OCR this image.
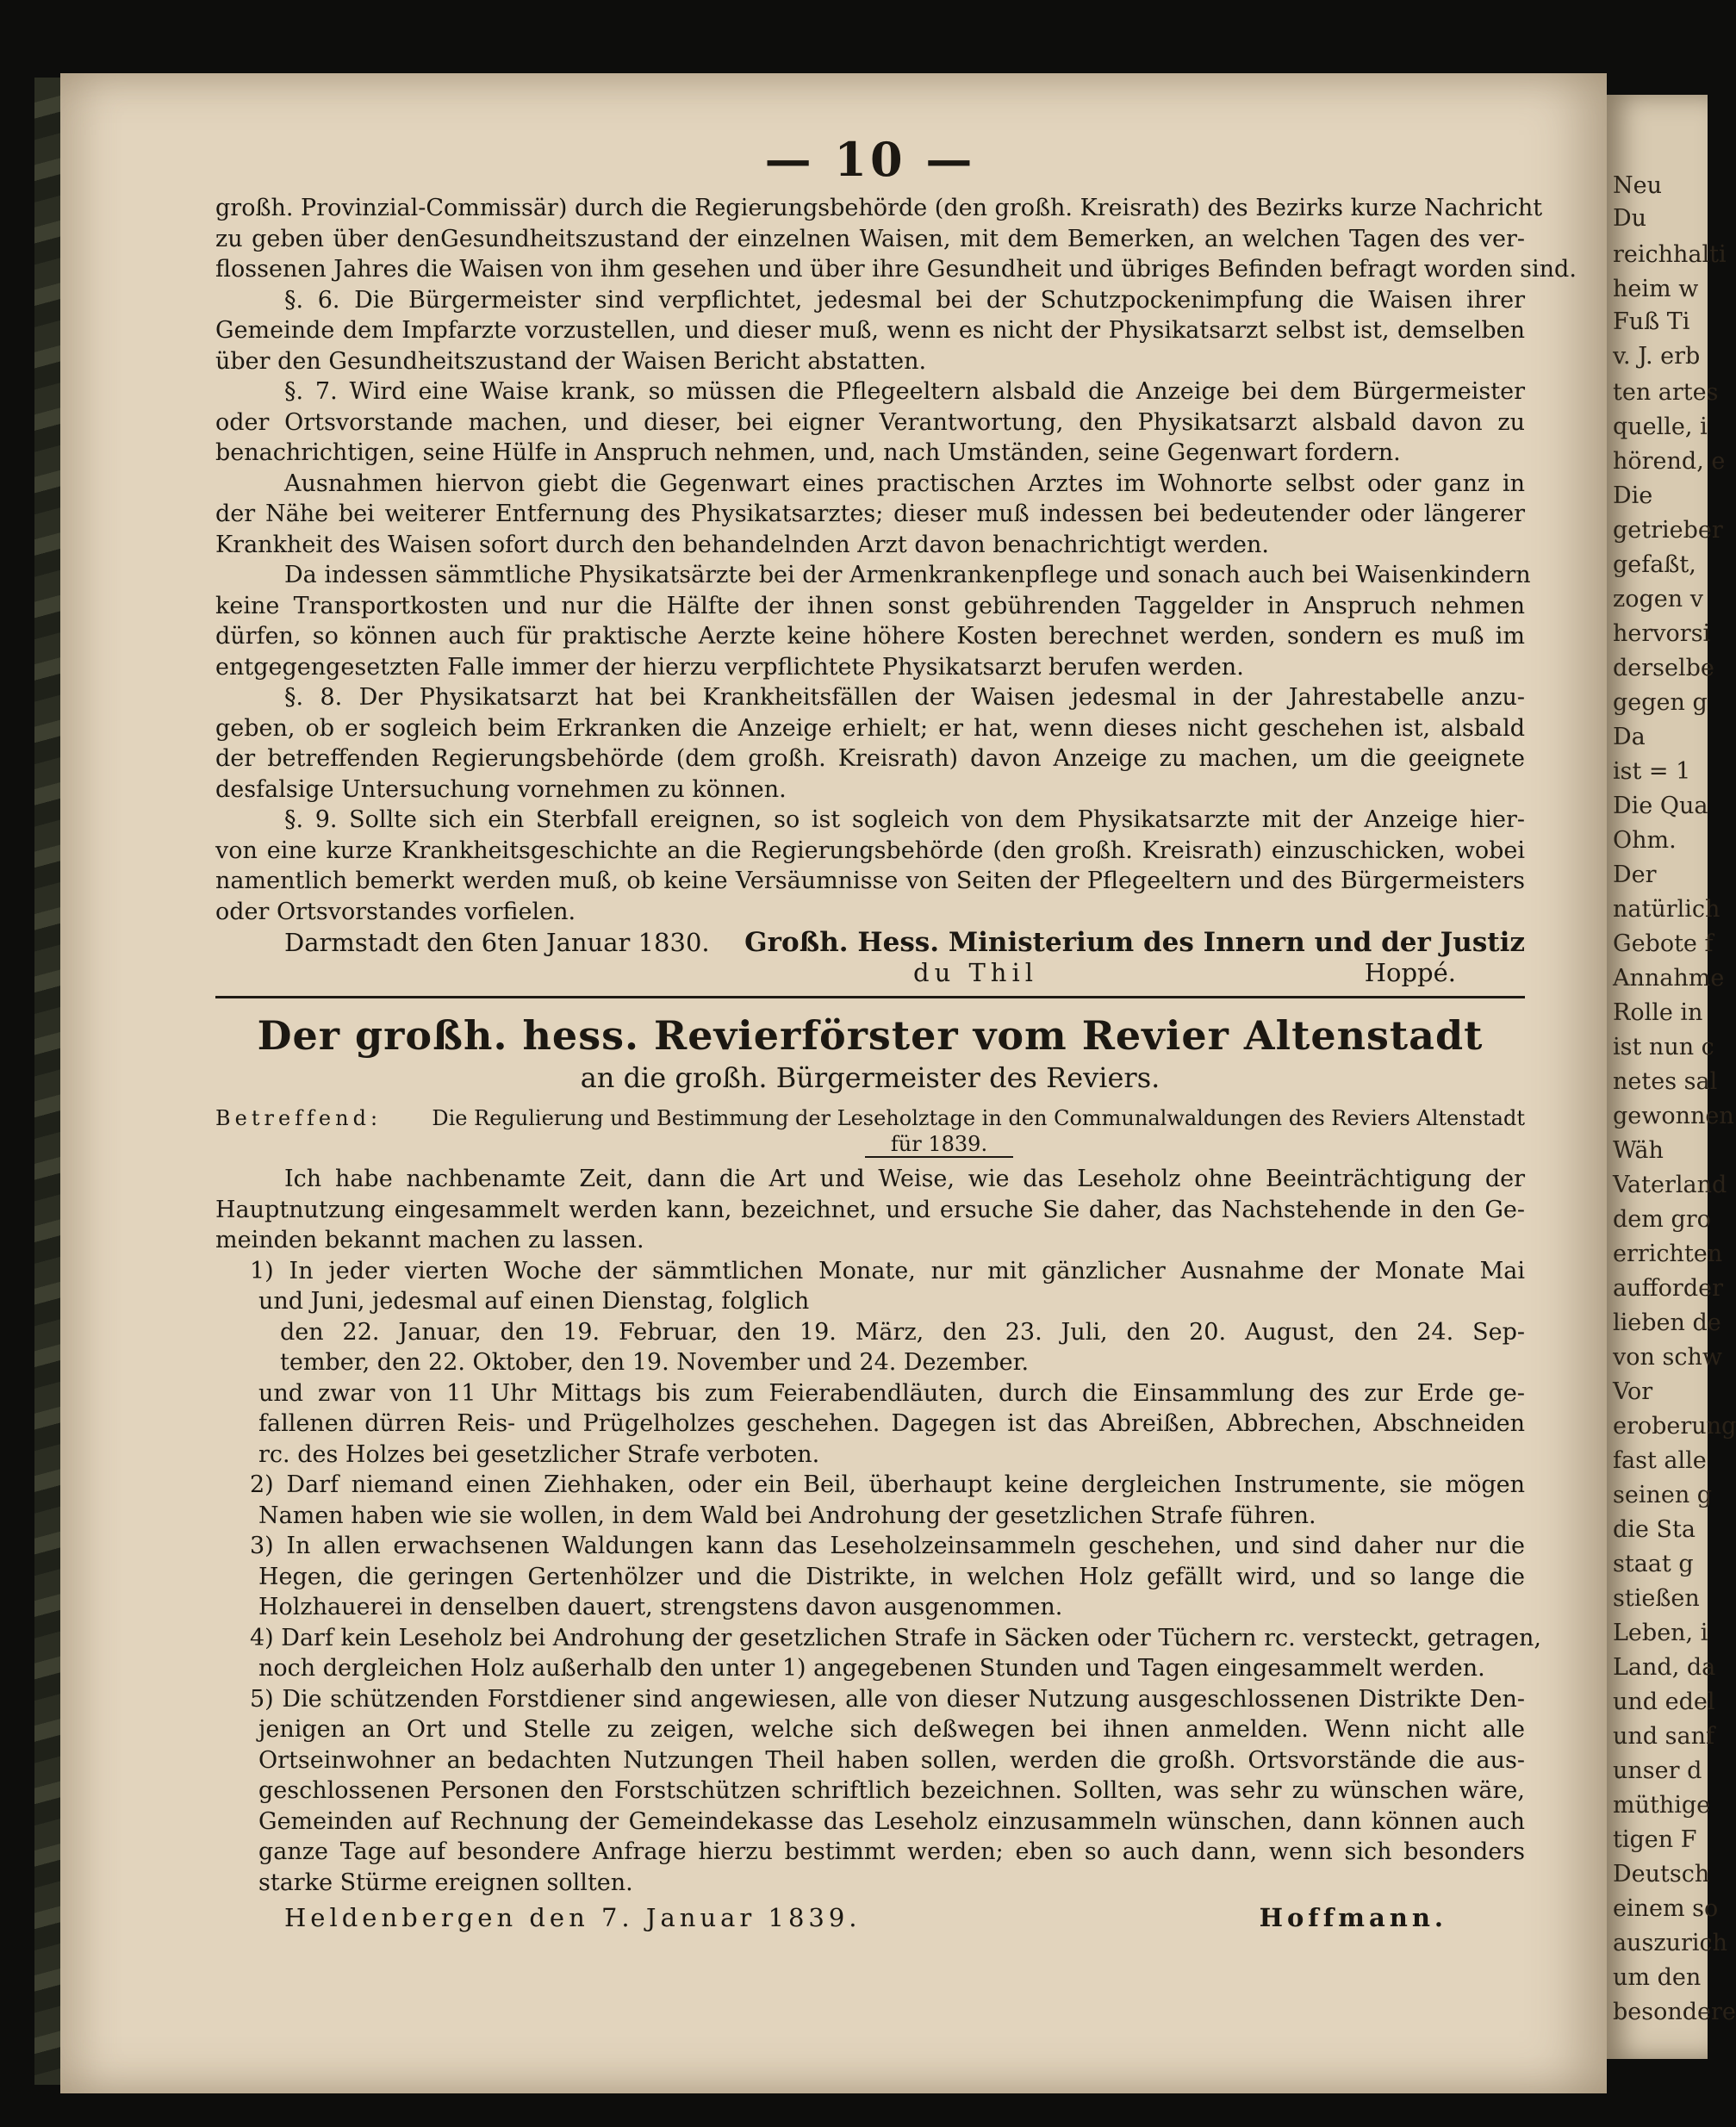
Neu
Du
reichhalti
heim w
Fuß Ti
v. J. erb
ten artes
quelle, i
hörend, e
Die
getrieber
gefaßt,
zogen v
hervorsi
derselbe
gegen g
Da
ist = 1
Die Qua
Ohm.
Der
natürlich
Gebote f
Annahme
Rolle in
ist nun c
netes sal
gewonnen
Wäh
Vaterland
dem gro
errichten
aufforder
lieben de
von schw
Vor
eroberung
fast alle
seinen g
die Sta
staat g
stießen
Leben, i
Land, da
und edel
und sanf
unser d
müthige
tigen F
Deutsch
einem so
auszurich
um den
besondere
— 10 —
großh. Provinzial-Commissär) durch die Regierungsbehörde (den großh. Kreisrath) des Bezirks kurze Nachricht
zu geben über denGesundheitszustand der einzelnen Waisen, mit dem Bemerken, an welchen Tagen des ver-
flossenen Jahres die Waisen von ihm gesehen und über ihre Gesundheit und übriges Befinden befragt worden sind.
§. 6. Die Bürgermeister sind verpflichtet, jedesmal bei der Schutzpockenimpfung die Waisen ihrer
Gemeinde dem Impfarzte vorzustellen, und dieser muß, wenn es nicht der Physikatsarzt selbst ist, demselben
über den Gesundheitszustand der Waisen Bericht abstatten.
§. 7. Wird eine Waise krank, so müssen die Pflegeeltern alsbald die Anzeige bei dem Bürgermeister
oder Ortsvorstande machen, und dieser, bei eigner Verantwortung, den Physikatsarzt alsbald davon zu
benachrichtigen, seine Hülfe in Anspruch nehmen, und, nach Umständen, seine Gegenwart fordern.
Ausnahmen hiervon giebt die Gegenwart eines practischen Arztes im Wohnorte selbst oder ganz in
der Nähe bei weiterer Entfernung des Physikatsarztes; dieser muß indessen bei bedeutender oder längerer
Krankheit des Waisen sofort durch den behandelnden Arzt davon benachrichtigt werden.
Da indessen sämmtliche Physikatsärzte bei der Armenkrankenpflege und sonach auch bei Waisenkindern
keine Transportkosten und nur die Hälfte der ihnen sonst gebührenden Taggelder in Anspruch nehmen
dürfen, so können auch für praktische Aerzte keine höhere Kosten berechnet werden, sondern es muß im
entgegengesetzten Falle immer der hierzu verpflichtete Physikatsarzt berufen werden.
§. 8. Der Physikatsarzt hat bei Krankheitsfällen der Waisen jedesmal in der Jahrestabelle anzu-
geben, ob er sogleich beim Erkranken die Anzeige erhielt; er hat, wenn dieses nicht geschehen ist, alsbald
der betreffenden Regierungsbehörde (dem großh. Kreisrath) davon Anzeige zu machen, um die geeignete
desfalsige Untersuchung vornehmen zu können.
§. 9. Sollte sich ein Sterbfall ereignen, so ist sogleich von dem Physikatsarzte mit der Anzeige hier-
von eine kurze Krankheitsgeschichte an die Regierungsbehörde (den großh. Kreisrath) einzuschicken, wobei
namentlich bemerkt werden muß, ob keine Versäumnisse von Seiten der Pflegeeltern und des Bürgermeisters
oder Ortsvorstandes vorfielen.
Darmstadt den 6ten Januar 1830. Großh. Hess. Ministerium des Innern und der Justiz
du Thil	Hoppé.
Der großh. hess. Revierförster vom Revier Altenstadt
an die großh. Bürgermeister des Reviers.
Betreffend: Die Regulierung und Bestimmung der Leseholztage in den Communalwaldungen des Reviers Altenstadt
für 1839.
Ich habe nachbenamte Zeit, dann die Art und Weise, wie das Leseholz ohne Beeinträchtigung der
Hauptnutzung eingesammelt werden kann, bezeichnet, und ersuche Sie daher, das Nachstehende in den Ge-
meinden bekannt machen zu lassen.
1) In jeder vierten Woche der sämmtlichen Monate, nur mit gänzlicher Ausnahme der Monate Mai
und Juni, jedesmal auf einen Dienstag, folglich
den 22. Januar, den 19. Februar, den 19. März, den 23. Juli, den 20. August, den 24. Sep-
tember, den 22. Oktober, den 19. November und 24. Dezember.
und zwar von 11 Uhr Mittags bis zum Feierabendläuten, durch die Einsammlung des zur Erde ge-
fallenen dürren Reis- und Prügelholzes geschehen. Dagegen ist das Abreißen, Abbrechen, Abschneiden
rc. des Holzes bei gesetzlicher Strafe verboten.
2) Darf niemand einen Ziehhaken, oder ein Beil, überhaupt keine dergleichen Instrumente, sie mögen
Namen haben wie sie wollen, in dem Wald bei Androhung der gesetzlichen Strafe führen.
3) In allen erwachsenen Waldungen kann das Leseholzeinsammeln geschehen, und sind daher nur die
Hegen, die geringen Gertenhölzer und die Distrikte, in welchen Holz gefällt wird, und so lange die
Holzhauerei in denselben dauert, strengstens davon ausgenommen.
4) Darf kein Leseholz bei Androhung der gesetzlichen Strafe in Säcken oder Tüchern rc. versteckt, getragen,
noch dergleichen Holz außerhalb den unter 1) angegebenen Stunden und Tagen eingesammelt werden.
5) Die schützenden Forstdiener sind angewiesen, alle von dieser Nutzung ausgeschlossenen Distrikte Den-
jenigen an Ort und Stelle zu zeigen, welche sich deßwegen bei ihnen anmelden. Wenn nicht alle
Ortseinwohner an bedachten Nutzungen Theil haben sollen, werden die großh. Ortsvorstände die aus-
geschlossenen Personen den Forstschützen schriftlich bezeichnen. Sollten, was sehr zu wünschen wäre,
Gemeinden auf Rechnung der Gemeindekasse das Leseholz einzusammeln wünschen, dann können auch
ganze Tage auf besondere Anfrage hierzu bestimmt werden; eben so auch dann, wenn sich besonders
starke Stürme ereignen sollten.
Heldenbergen den 7. Januar 1839.	Hoffmann.
